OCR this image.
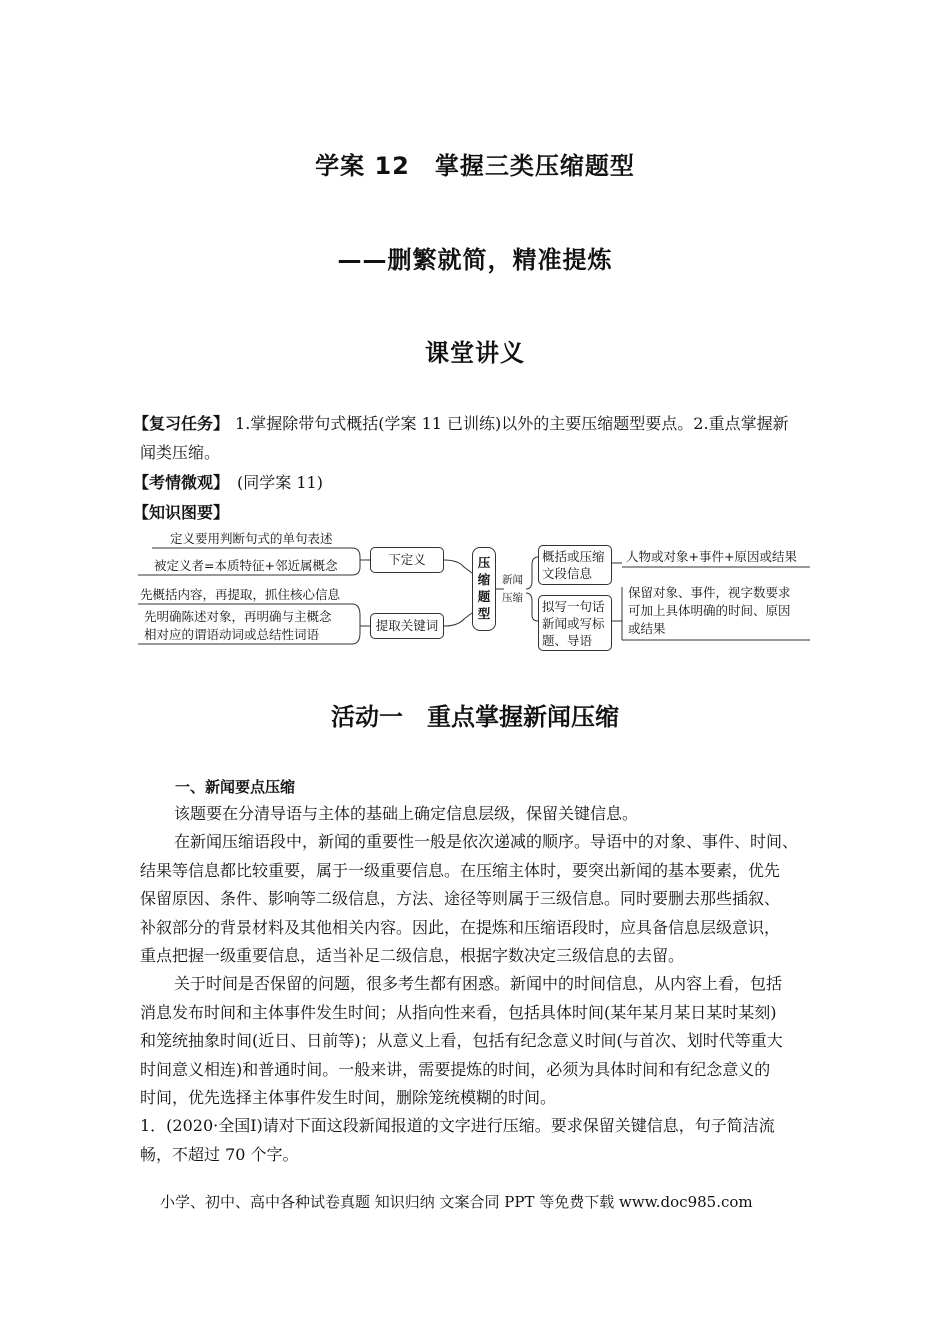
学案 12　掌握三类压缩题型
——删繁就简，精准提炼
课堂讲义
【复习任务】 1.掌握除带句式概括(学案 11 已训练)以外的主要压缩题型要点。2.重点掌握新
闻类压缩。
【考情微观】 (同学案 11)
【知识图要】
定义要用判断句式的单句表述
被定义者=本质特征+邻近属概念
先概括内容，再提取，抓住核心信息
先明确陈述对象，再明确与主概念
相对应的谓语动词或总结性词语
下定义
提取关键词
压
缩
题
型
新闻
压缩
概括或压缩
文段信息
拟写一句话
新闻或写标
题、导语
人物或对象+事件+原因或结果
保留对象、事件，视字数要求
可加上具体明确的时间、原因
或结果
活动一　重点掌握新闻压缩
一、新闻要点压缩
该题要在分清导语与主体的基础上确定信息层级，保留关键信息。
在新闻压缩语段中，新闻的重要性一般是依次递减的顺序。导语中的对象、事件、时间、
结果等信息都比较重要，属于一级重要信息。在压缩主体时，要突出新闻的基本要素，优先
保留原因、条件、影响等二级信息，方法、途径等则属于三级信息。同时要删去那些插叙、
补叙部分的背景材料及其他相关内容。因此，在提炼和压缩语段时，应具备信息层级意识，
重点把握一级重要信息，适当补足二级信息，根据字数决定三级信息的去留。
关于时间是否保留的问题，很多考生都有困惑。新闻中的时间信息，从内容上看，包括
消息发布时间和主体事件发生时间；从指向性来看，包括具体时间(某年某月某日某时某刻)
和笼统抽象时间(近日、日前等)；从意义上看，包括有纪念意义时间(与首次、划时代等重大
时间意义相连)和普通时间。一般来讲，需要提炼的时间，必须为具体时间和有纪念意义的
时间，优先选择主体事件发生时间，删除笼统模糊的时间。
1．(2020·全国Ⅰ)请对下面这段新闻报道的文字进行压缩。要求保留关键信息，句子简洁流
畅，不超过 70 个字。
小学、初中、高中各种试卷真题 知识归纳 文案合同 PPT 等免费下载 www.doc985.com
